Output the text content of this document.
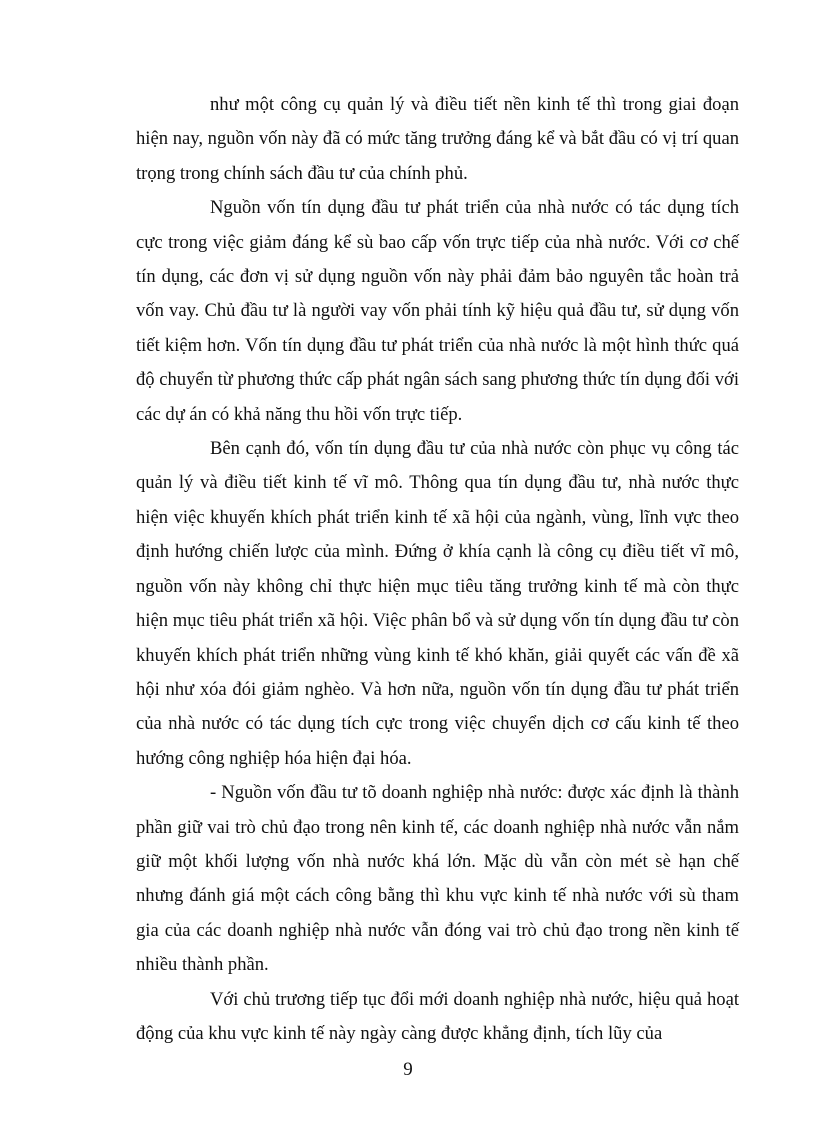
như một công cụ quản lý và điều tiết nền kinh tế thì trong giai đoạn hiện nay, nguồn vốn này đã có mức tăng trưởng đáng kể và bắt đầu có vị trí quan trọng trong chính sách đầu tư của chính phủ.

Nguồn vốn tín dụng đầu tư phát triển của nhà nước có tác dụng tích cực trong việc giảm đáng kể sù bao cấp vốn trực tiếp của nhà nước. Với cơ chế tín dụng, các đơn vị sử dụng nguồn vốn này phải đảm bảo nguyên tắc hoàn trả vốn vay. Chủ đầu tư là người vay vốn phải tính kỹ hiệu quả đầu tư, sử dụng vốn tiết kiệm hơn. Vốn tín dụng đầu tư phát triển của nhà nước là một hình thức quá độ chuyển từ phương thức cấp phát ngân sách sang phương thức tín dụng đối với các dự án có khả năng thu hồi vốn trực tiếp.

Bên cạnh đó, vốn tín dụng đầu tư của nhà nước còn phục vụ công tác quản lý và điều tiết kinh tế vĩ mô. Thông qua tín dụng đầu tư, nhà nước thực hiện việc khuyến khích phát triển kinh tế xã hội của ngành, vùng, lĩnh vực theo định hướng chiến lược của mình. Đứng ở khía cạnh là công cụ điều tiết vĩ mô, nguồn vốn này không chỉ thực hiện mục tiêu tăng trưởng kinh tế mà còn thực hiện mục tiêu phát triển xã hội. Việc phân bổ và sử dụng vốn tín dụng đầu tư còn khuyến khích phát triển những vùng kinh tế khó khăn, giải quyết các vấn đề xã hội như xóa đói giảm nghèo. Và hơn nữa, nguồn vốn tín dụng đầu tư phát triển của nhà nước có tác dụng tích cực trong việc chuyển dịch cơ cấu kinh tế theo hướng công nghiệp hóa hiện đại hóa.

- Nguồn vốn đầu tư tõ doanh nghiệp nhà nước: được xác định là thành phần giữ vai trò chủ đạo trong nên kinh tế, các doanh nghiệp nhà nước vẫn nắm giữ một khối lượng vốn nhà nước khá lớn. Mặc dù vẫn còn mét sè hạn chế nhưng đánh giá một cách công bằng thì khu vực kinh tế nhà nước với sù tham gia của các doanh nghiệp nhà nước vẫn đóng vai trò chủ đạo trong nền kinh tế nhiều thành phần.

Với chủ trương tiếp tục đổi mới doanh nghiệp nhà nước, hiệu quả hoạt động của khu vực kinh tế này ngày càng được khẳng định, tích lũy của

9
